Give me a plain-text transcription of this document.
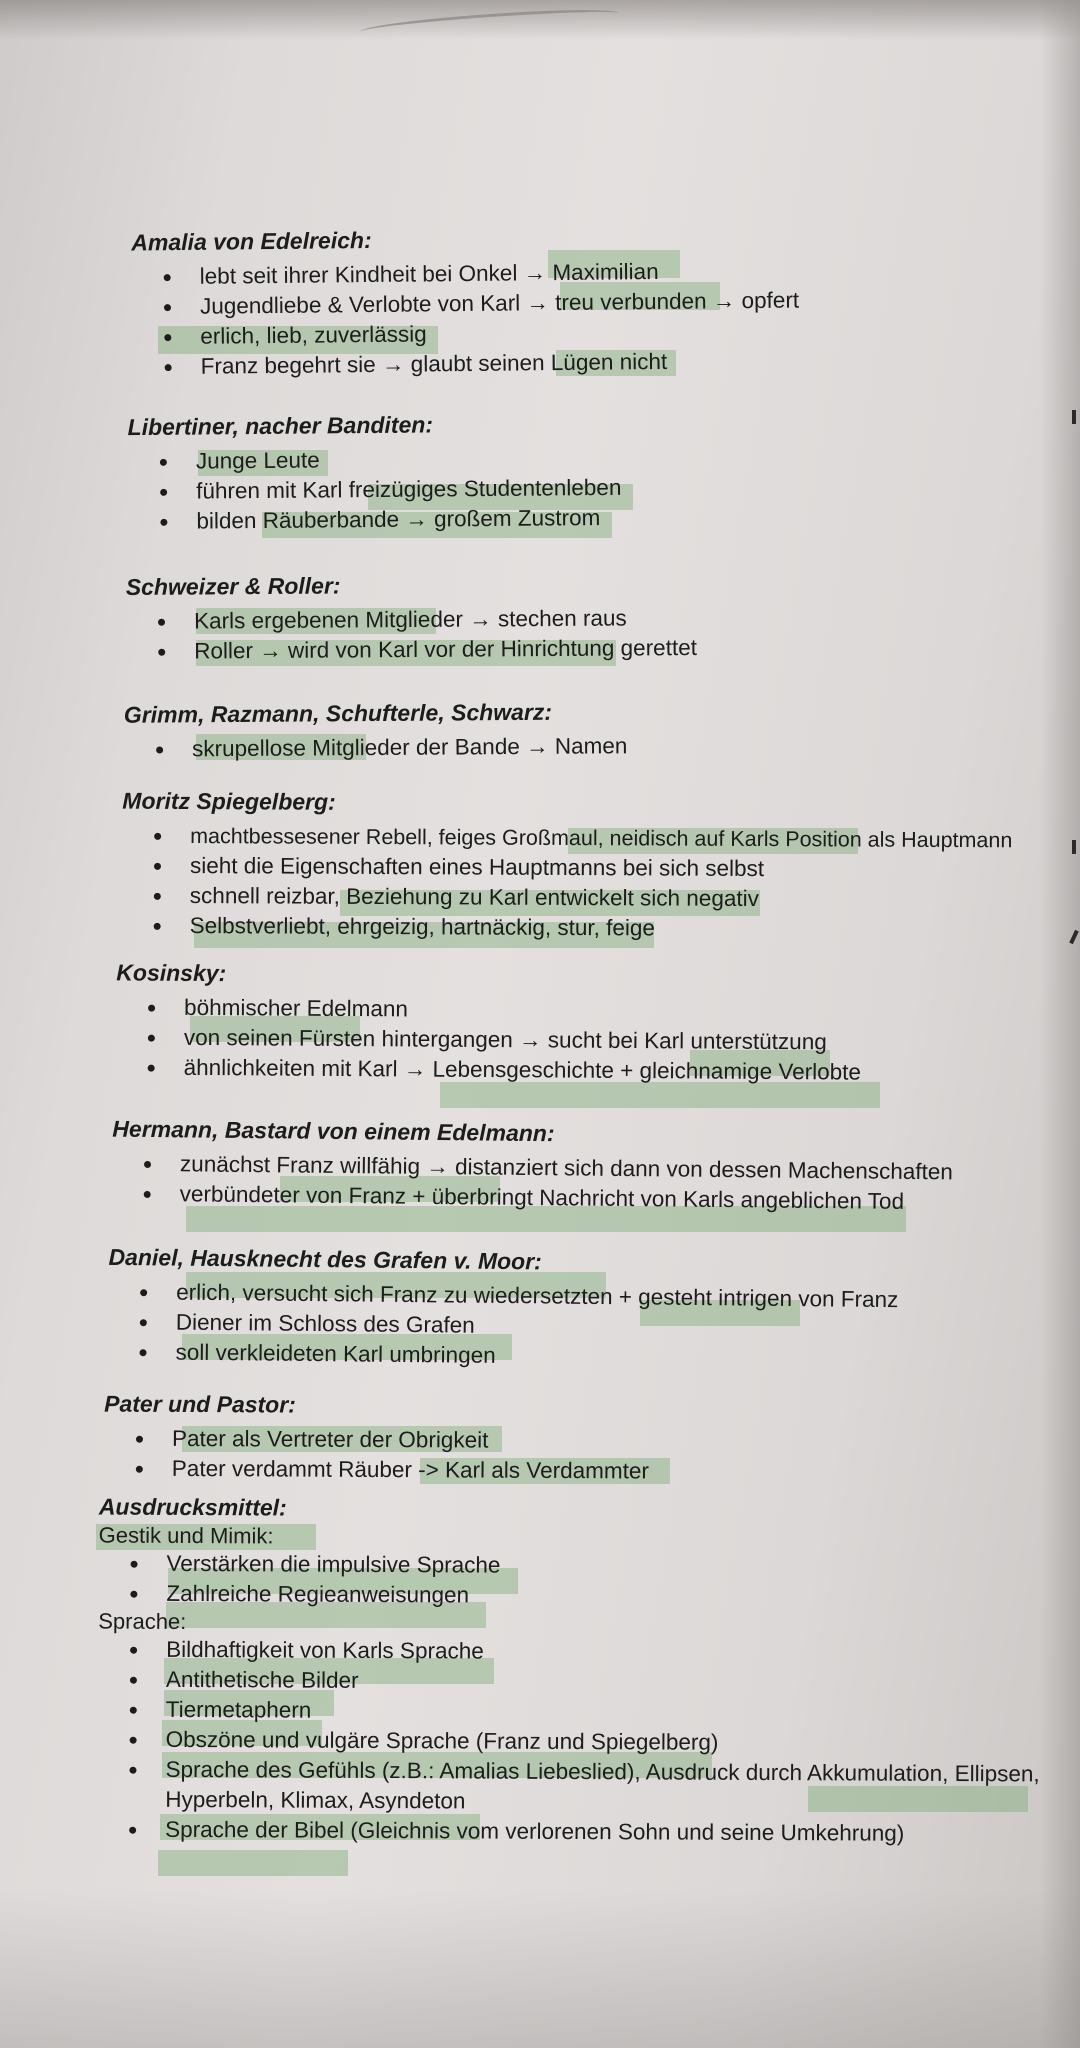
Amalia von Edelreich:

lebt seit ihrer Kindheit bei Onkel → Maximilian
Jugendliebe & Verlobte von Karl → treu verbunden → opfert
erlich, lieb, zuverlässig
Franz begehrt sie → glaubt seinen Lügen nicht

Libertiner, nacher Banditen:

Junge Leute
führen mit Karl freizügiges Studentenleben
bilden Räuberbande → großem Zustrom

Schweizer & Roller:

Karls ergebenen Mitglieder → stechen raus
Roller → wird von Karl vor der Hinrichtung gerettet

Grimm, Razmann, Schufterle, Schwarz:

skrupellose Mitglieder der Bande → Namen

Moritz Spiegelberg:

machtbessesener Rebell, feiges Großmaul, neidisch auf Karls Position als Hauptmann
sieht die Eigenschaften eines Hauptmanns bei sich selbst
schnell reizbar, Beziehung zu Karl entwickelt sich negativ
Selbstverliebt, ehrgeizig, hartnäckig, stur, feige

Kosinsky:

böhmischer Edelmann
von seinen Fürsten hintergangen → sucht bei Karl unterstützung
ähnlichkeiten mit Karl → Lebensgeschichte + gleichnamige Verlobte

Hermann, Bastard von einem Edelmann:

zunächst Franz willfähig → distanziert sich dann von dessen Machenschaften
verbündeter von Franz + überbringt Nachricht von Karls angeblichen Tod

Daniel, Hausknecht des Grafen v. Moor:

erlich, versucht sich Franz zu wiedersetzten + gesteht intrigen von Franz
Diener im Schloss des Grafen
soll verkleideten Karl umbringen

Pater und Pastor:

Pater als Vertreter der Obrigkeit
Pater verdammt Räuber -> Karl als Verdammter

Ausdrucksmittel:

Gestik und Mimik:

Verstärken die impulsive Sprache
Zahlreiche Regieanweisungen

Sprache:

Bildhaftigkeit von Karls Sprache
Antithetische Bilder
Tiermetaphern
Obszöne und vulgäre Sprache (Franz und Spiegelberg)
Sprache des Gefühls (z.B.: Amalias Liebeslied), Ausdruck durch Akkumulation, Ellipsen, Hyperbeln, Klimax, Asyndeton
Sprache der Bibel (Gleichnis vom verlorenen Sohn und seine Umkehrung)
